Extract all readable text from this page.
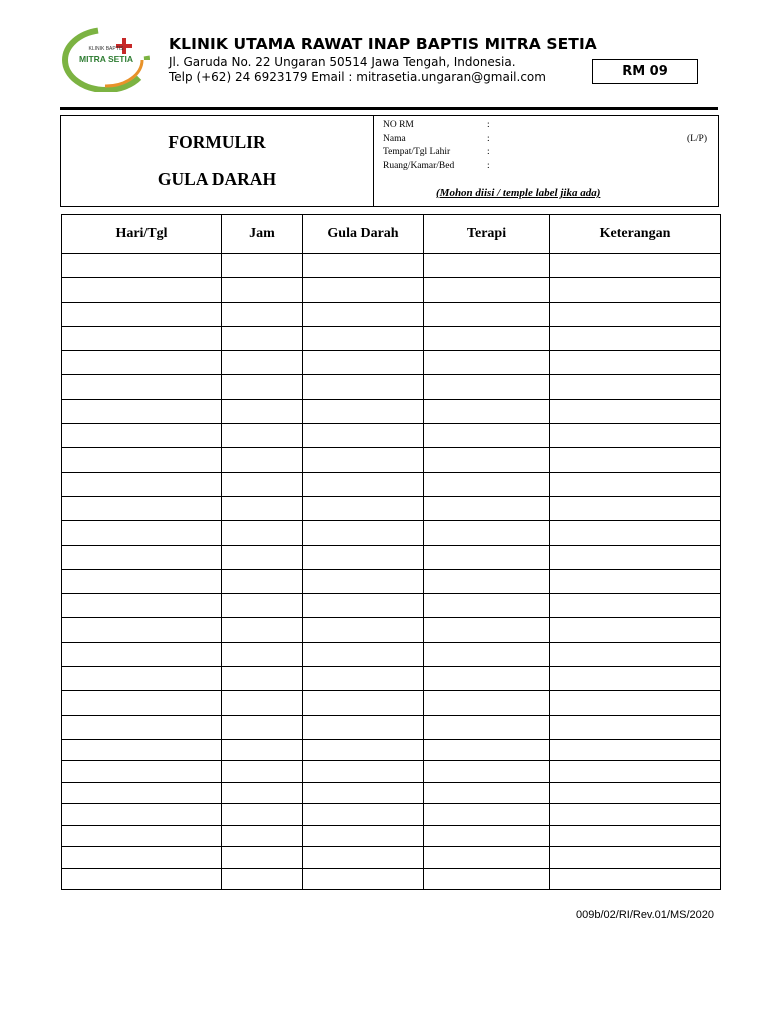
KLINIK BAPTIS
MITRA SETIA
KLINIK UTAMA RAWAT INAP BAPTIS MITRA SETIA
Jl. Garuda No. 22 Ungaran 50514 Jawa Tengah, Indonesia.
Telp (+62) 24 6923179 Email : mitrasetia.ungaran@gmail.com	RM 09
FORMULIR
GULA DARAH
NO RM	:
Nama	:	(L/P)
Tempat/Tgl Lahir	:
Ruang/Kamar/Bed	:
(Mohon diisi / temple label jika ada)
Hari/Tgl	Jam	Gula Darah	Terapi	Keterangan

009b/02/RI/Rev.01/MS/2020
